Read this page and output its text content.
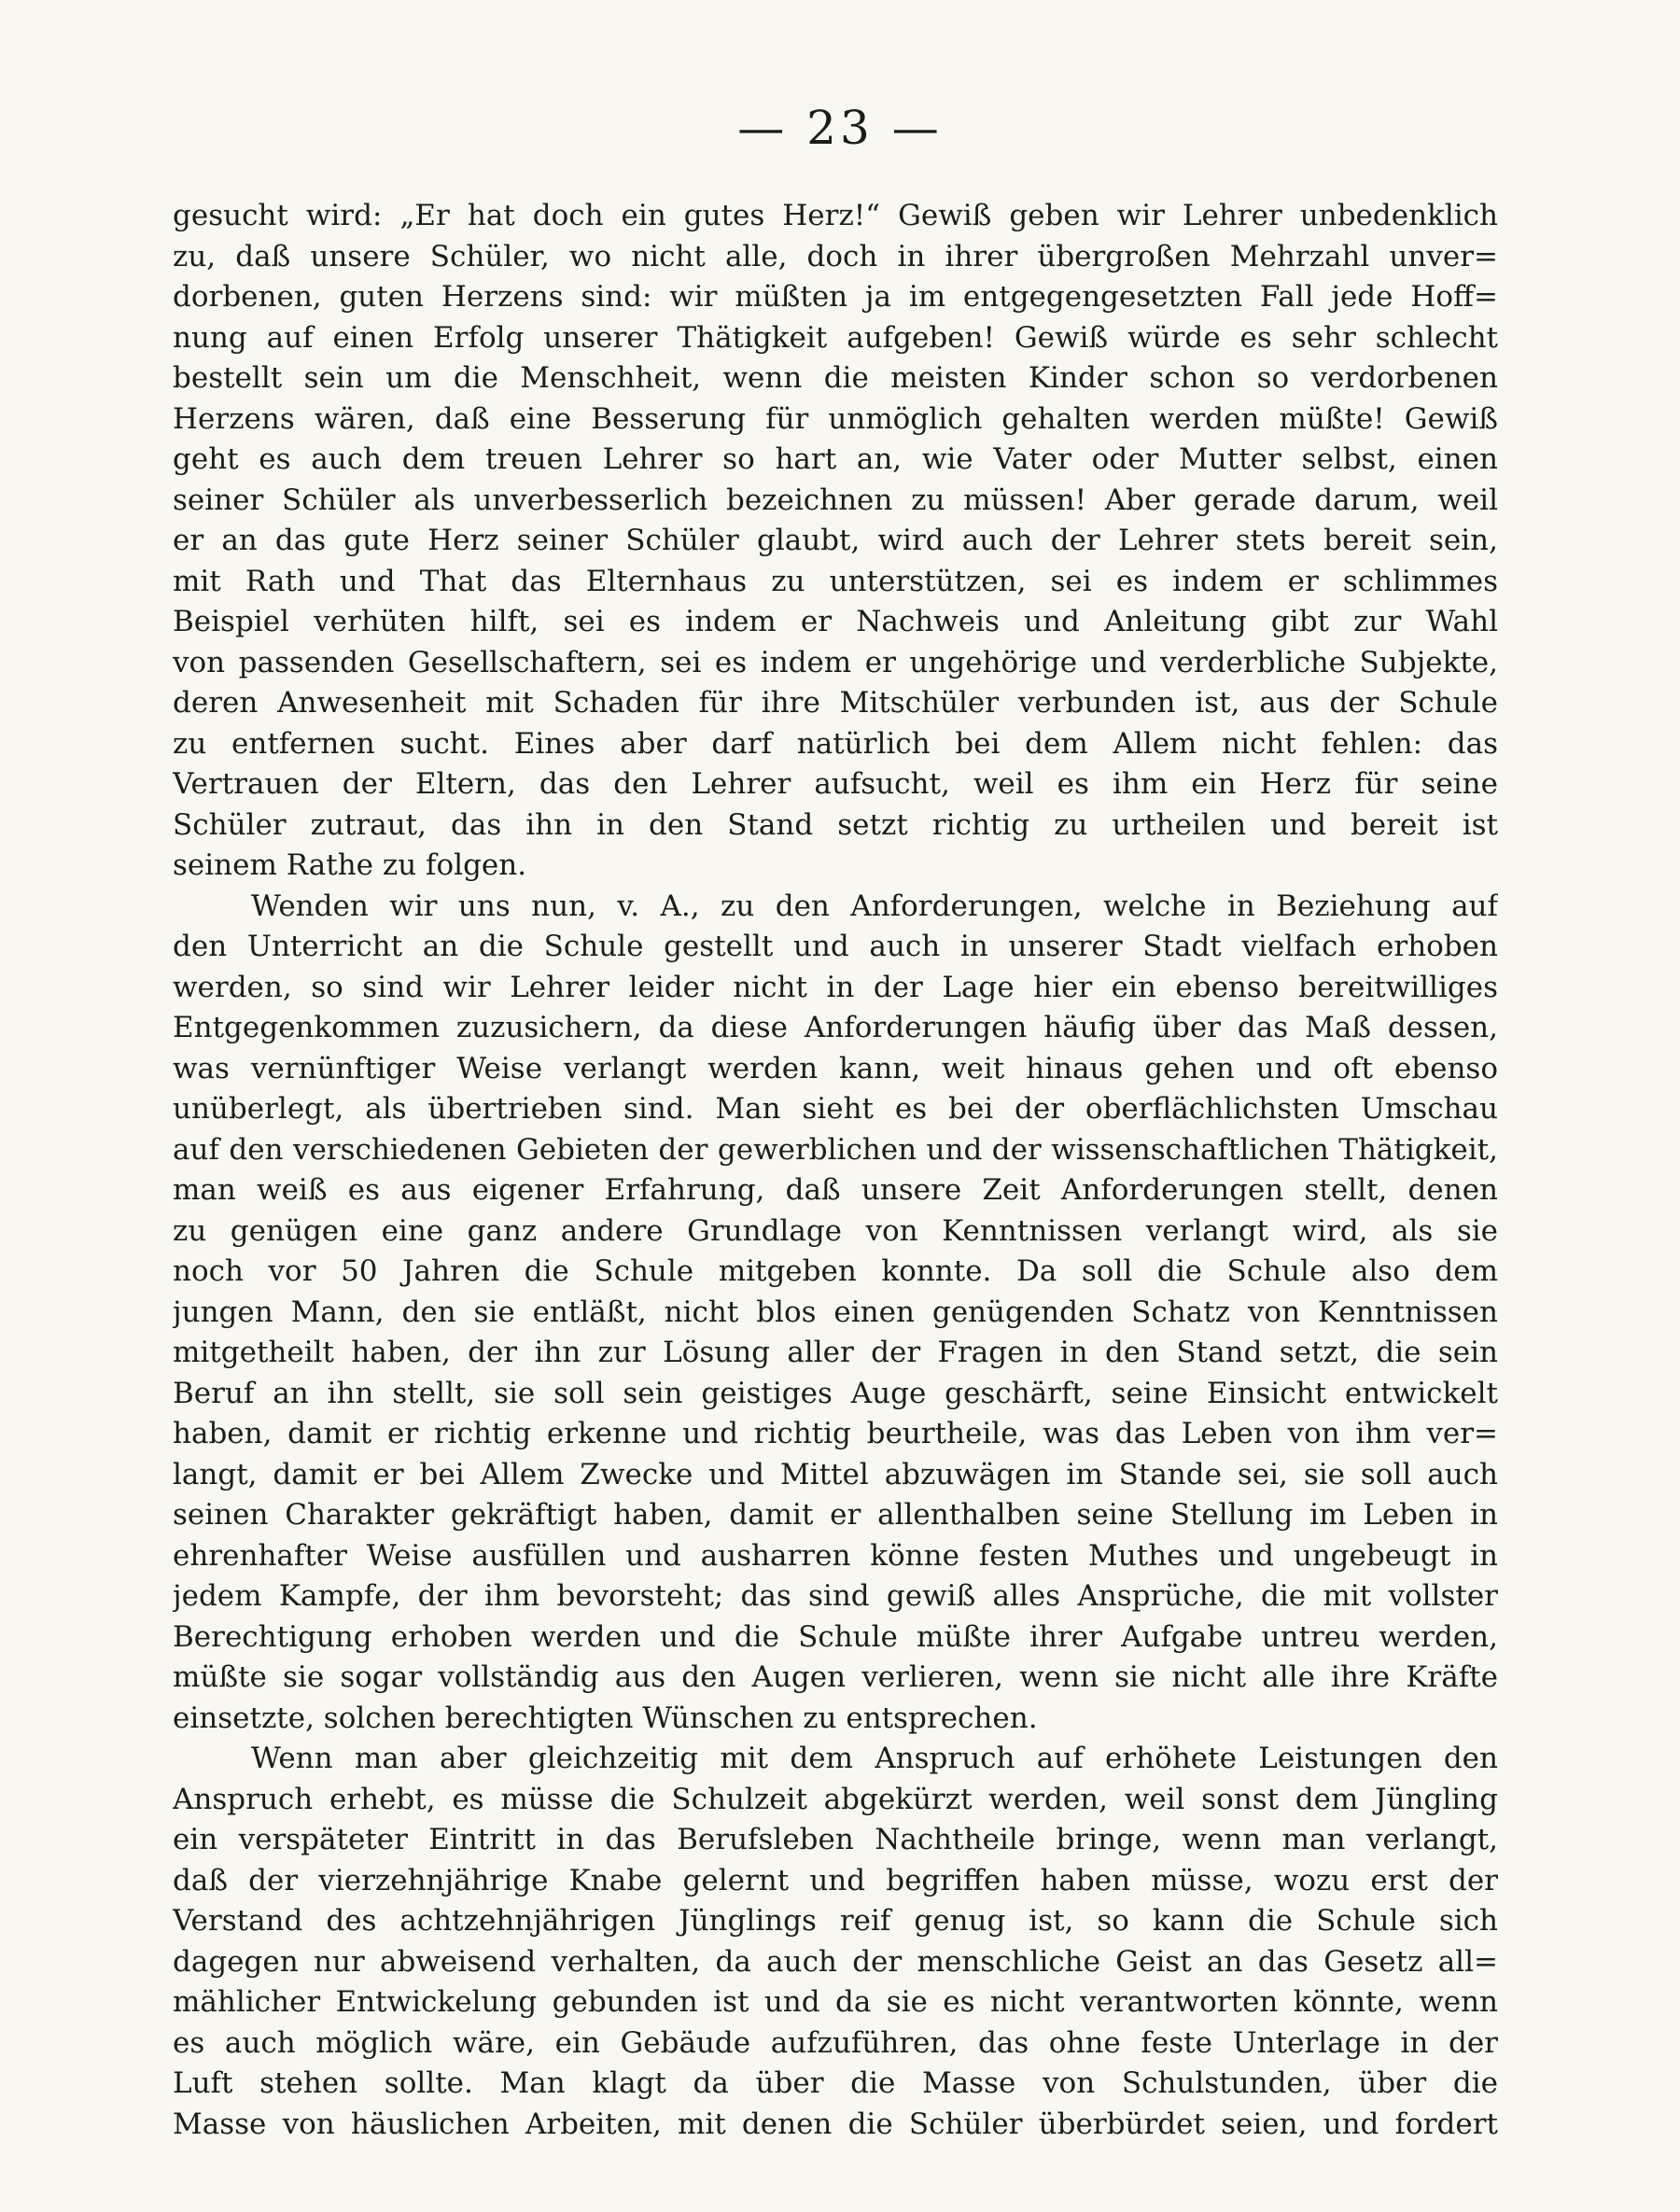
— 23 —
gesucht wird: „Er hat doch ein gutes Herz!“ Gewiß geben wir Lehrer unbedenklich
zu, daß unsere Schüler, wo nicht alle, doch in ihrer übergroßen Mehrzahl unver=
dorbenen, guten Herzens sind: wir müßten ja im entgegengesetzten Fall jede Hoff=
nung auf einen Erfolg unserer Thätigkeit aufgeben! Gewiß würde es sehr schlecht
bestellt sein um die Menschheit, wenn die meisten Kinder schon so verdorbenen
Herzens wären, daß eine Besserung für unmöglich gehalten werden müßte! Gewiß
geht es auch dem treuen Lehrer so hart an, wie Vater oder Mutter selbst, einen
seiner Schüler als unverbesserlich bezeichnen zu müssen! Aber gerade darum, weil
er an das gute Herz seiner Schüler glaubt, wird auch der Lehrer stets bereit sein,
mit Rath und That das Elternhaus zu unterstützen, sei es indem er schlimmes
Beispiel verhüten hilft, sei es indem er Nachweis und Anleitung gibt zur Wahl
von passenden Gesellschaftern, sei es indem er ungehörige und verderbliche Subjekte,
deren Anwesenheit mit Schaden für ihre Mitschüler verbunden ist, aus der Schule
zu entfernen sucht. Eines aber darf natürlich bei dem Allem nicht fehlen: das
Vertrauen der Eltern, das den Lehrer aufsucht, weil es ihm ein Herz für seine
Schüler zutraut, das ihn in den Stand setzt richtig zu urtheilen und bereit ist
seinem Rathe zu folgen.
Wenden wir uns nun, v. A., zu den Anforderungen, welche in Beziehung auf
den Unterricht an die Schule gestellt und auch in unserer Stadt vielfach erhoben
werden, so sind wir Lehrer leider nicht in der Lage hier ein ebenso bereitwilliges
Entgegenkommen zuzusichern, da diese Anforderungen häufig über das Maß dessen,
was vernünftiger Weise verlangt werden kann, weit hinaus gehen und oft ebenso
unüberlegt, als übertrieben sind. Man sieht es bei der oberflächlichsten Umschau
auf den verschiedenen Gebieten der gewerblichen und der wissenschaftlichen Thätigkeit,
man weiß es aus eigener Erfahrung, daß unsere Zeit Anforderungen stellt, denen
zu genügen eine ganz andere Grundlage von Kenntnissen verlangt wird, als sie
noch vor 50 Jahren die Schule mitgeben konnte. Da soll die Schule also dem
jungen Mann, den sie entläßt, nicht blos einen genügenden Schatz von Kenntnissen
mitgetheilt haben, der ihn zur Lösung aller der Fragen in den Stand setzt, die sein
Beruf an ihn stellt, sie soll sein geistiges Auge geschärft, seine Einsicht entwickelt
haben, damit er richtig erkenne und richtig beurtheile, was das Leben von ihm ver=
langt, damit er bei Allem Zwecke und Mittel abzuwägen im Stande sei, sie soll auch
seinen Charakter gekräftigt haben, damit er allenthalben seine Stellung im Leben in
ehrenhafter Weise ausfüllen und ausharren könne festen Muthes und ungebeugt in
jedem Kampfe, der ihm bevorsteht; das sind gewiß alles Ansprüche, die mit vollster
Berechtigung erhoben werden und die Schule müßte ihrer Aufgabe untreu werden,
müßte sie sogar vollständig aus den Augen verlieren, wenn sie nicht alle ihre Kräfte
einsetzte, solchen berechtigten Wünschen zu entsprechen.
Wenn man aber gleichzeitig mit dem Anspruch auf erhöhete Leistungen den
Anspruch erhebt, es müsse die Schulzeit abgekürzt werden, weil sonst dem Jüngling
ein verspäteter Eintritt in das Berufsleben Nachtheile bringe, wenn man verlangt,
daß der vierzehnjährige Knabe gelernt und begriffen haben müsse, wozu erst der
Verstand des achtzehnjährigen Jünglings reif genug ist, so kann die Schule sich
dagegen nur abweisend verhalten, da auch der menschliche Geist an das Gesetz all=
mählicher Entwickelung gebunden ist und da sie es nicht verantworten könnte, wenn
es auch möglich wäre, ein Gebäude aufzuführen, das ohne feste Unterlage in der
Luft stehen sollte. Man klagt da über die Masse von Schulstunden, über die
Masse von häuslichen Arbeiten, mit denen die Schüler überbürdet seien, und fordert
